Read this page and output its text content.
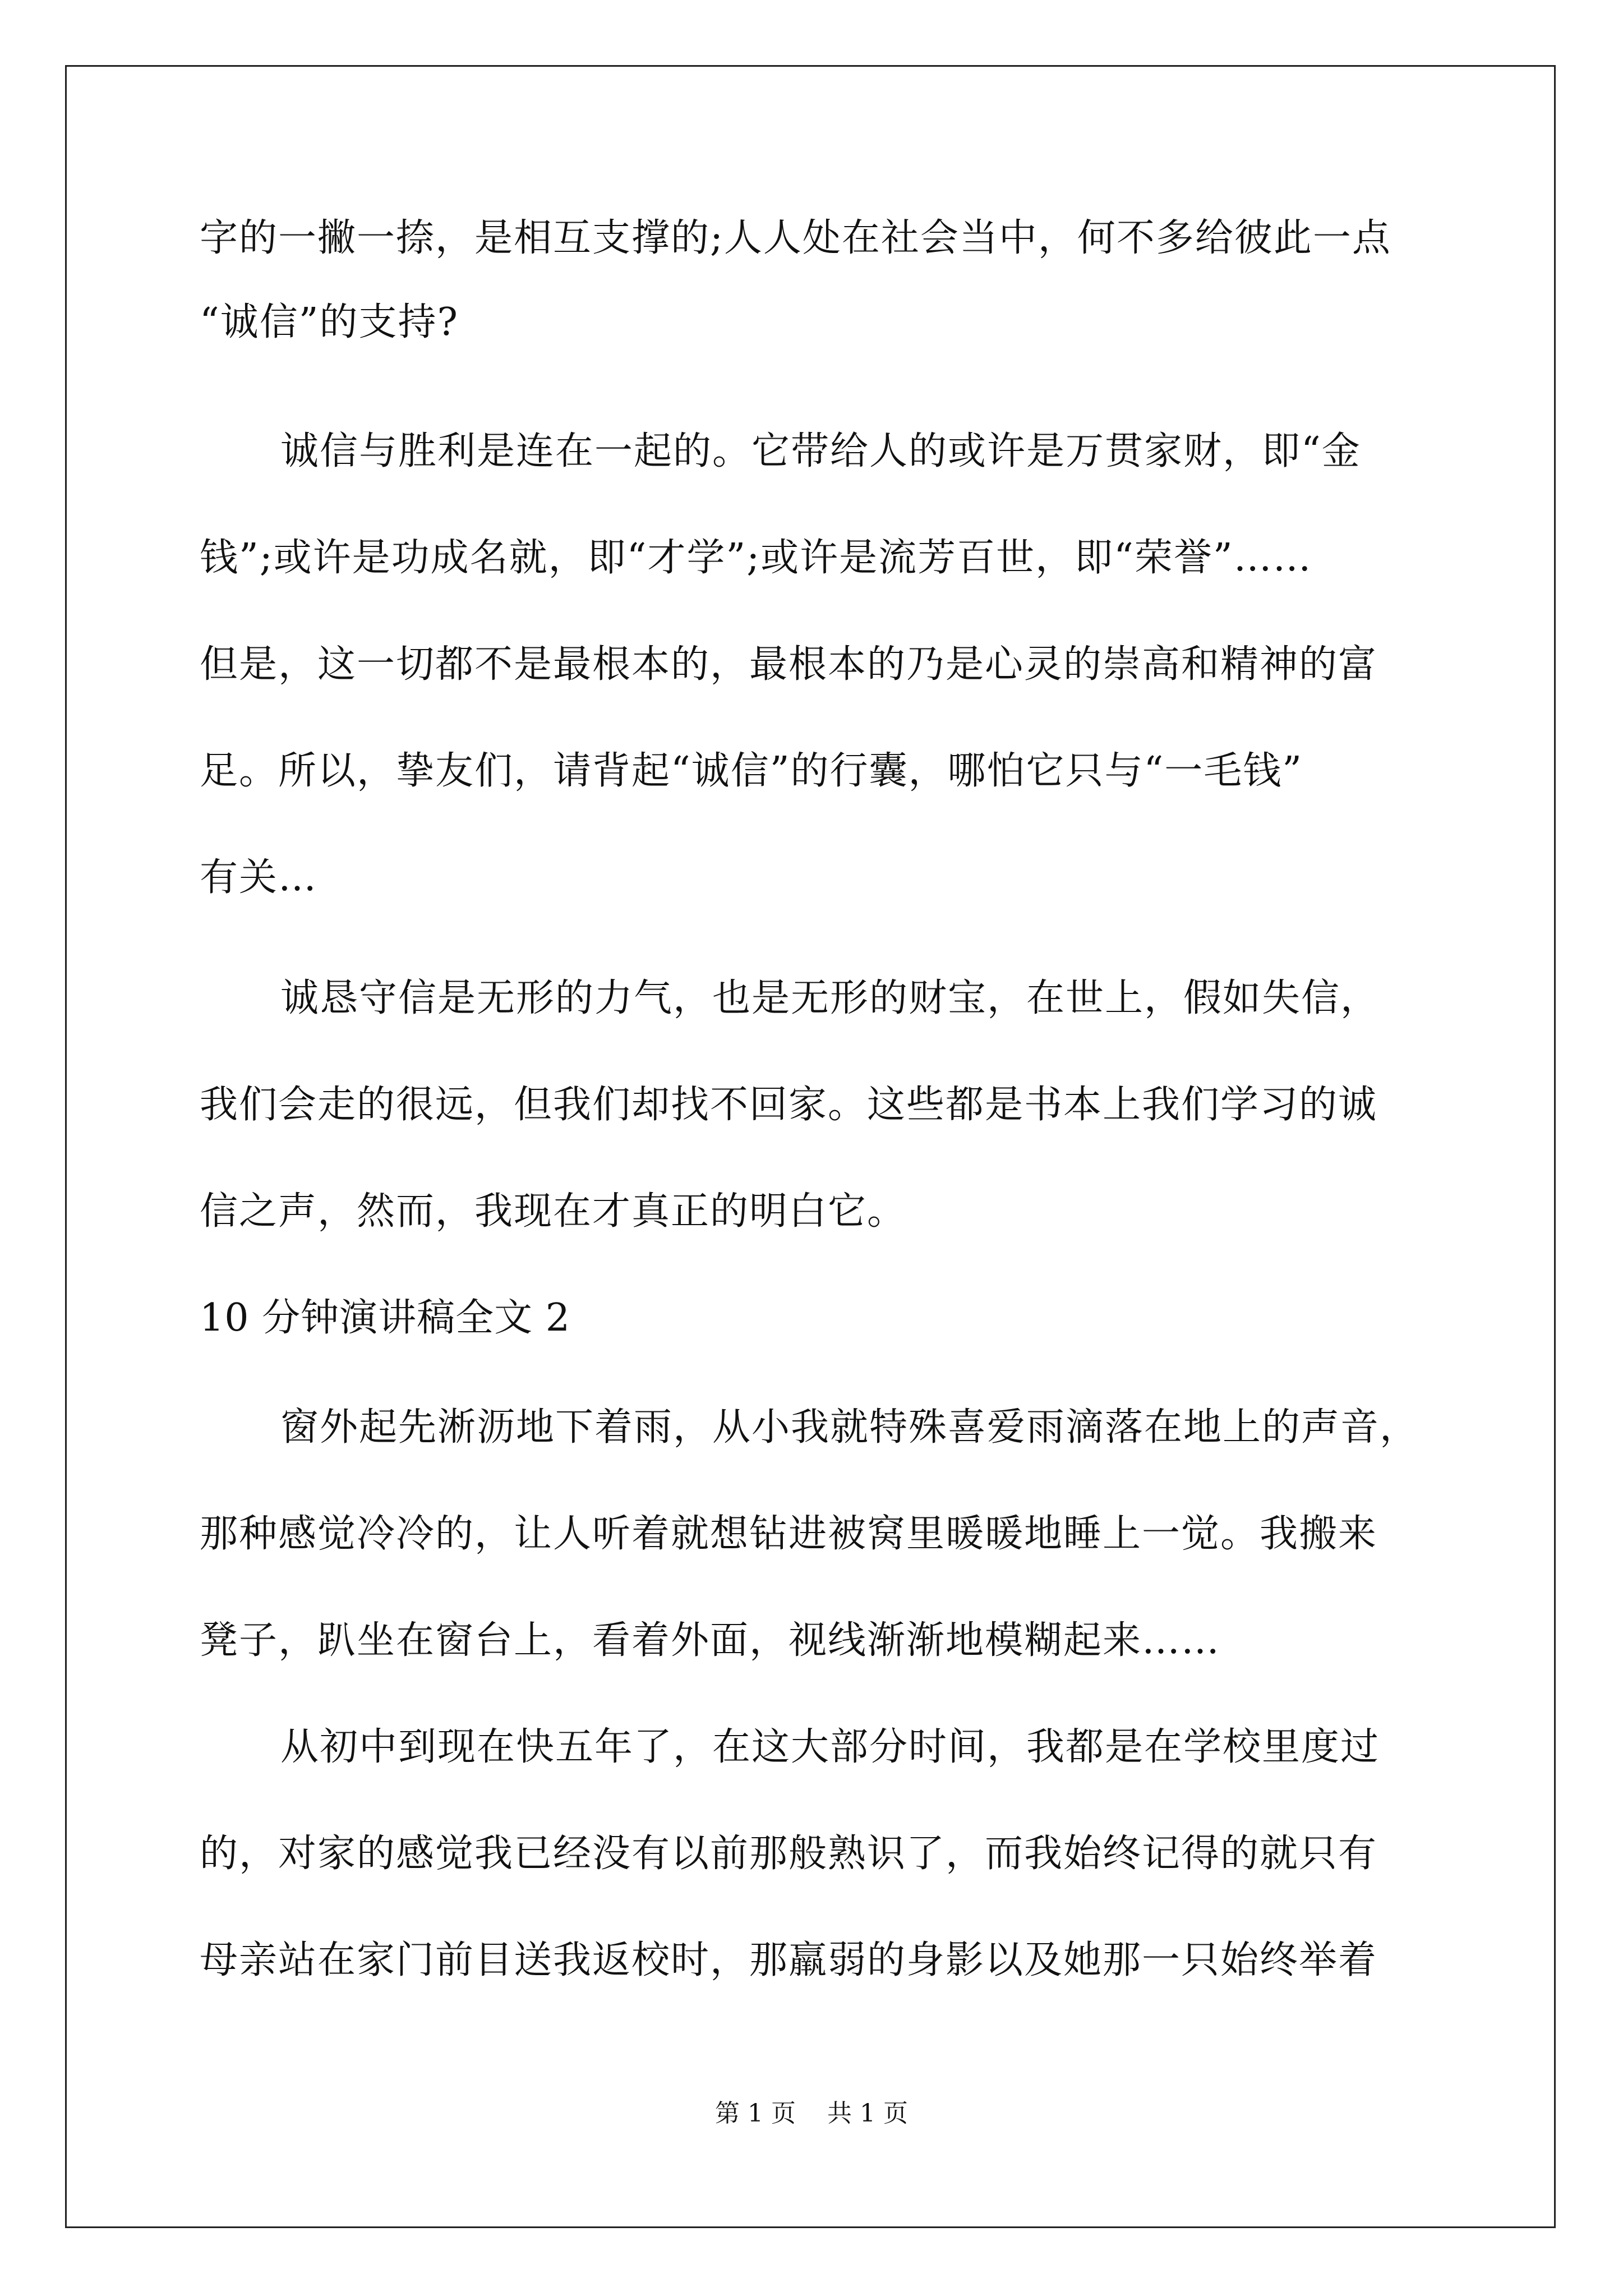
字的一撇一捺，是相互支撑的;人人处在社会当中，何不多给彼此一点
“诚信”的支持?
诚信与胜利是连在一起的。它带给人的或许是万贯家财，即“金
钱”;或许是功成名就，即“才学”;或许是流芳百世，即“荣誉”……
但是，这一切都不是最根本的，最根本的乃是心灵的崇高和精神的富
足。所以，挚友们，请背起“诚信”的行囊，哪怕它只与“一毛钱”
有关…
诚恳守信是无形的力气，也是无形的财宝，在世上，假如失信，
我们会走的很远，但我们却找不回家。这些都是书本上我们学习的诚
信之声，然而，我现在才真正的明白它。
10 分钟演讲稿全文 2
窗外起先淅沥地下着雨，从小我就特殊喜爱雨滴落在地上的声音，
那种感觉冷冷的，让人听着就想钻进被窝里暖暖地睡上一觉。我搬来
凳子，趴坐在窗台上，看着外面，视线渐渐地模糊起来……
从初中到现在快五年了，在这大部分时间，我都是在学校里度过
的，对家的感觉我已经没有以前那般熟识了，而我始终记得的就只有
母亲站在家门前目送我返校时，那羸弱的身影以及她那一只始终举着
第 1 页 共 1 页
